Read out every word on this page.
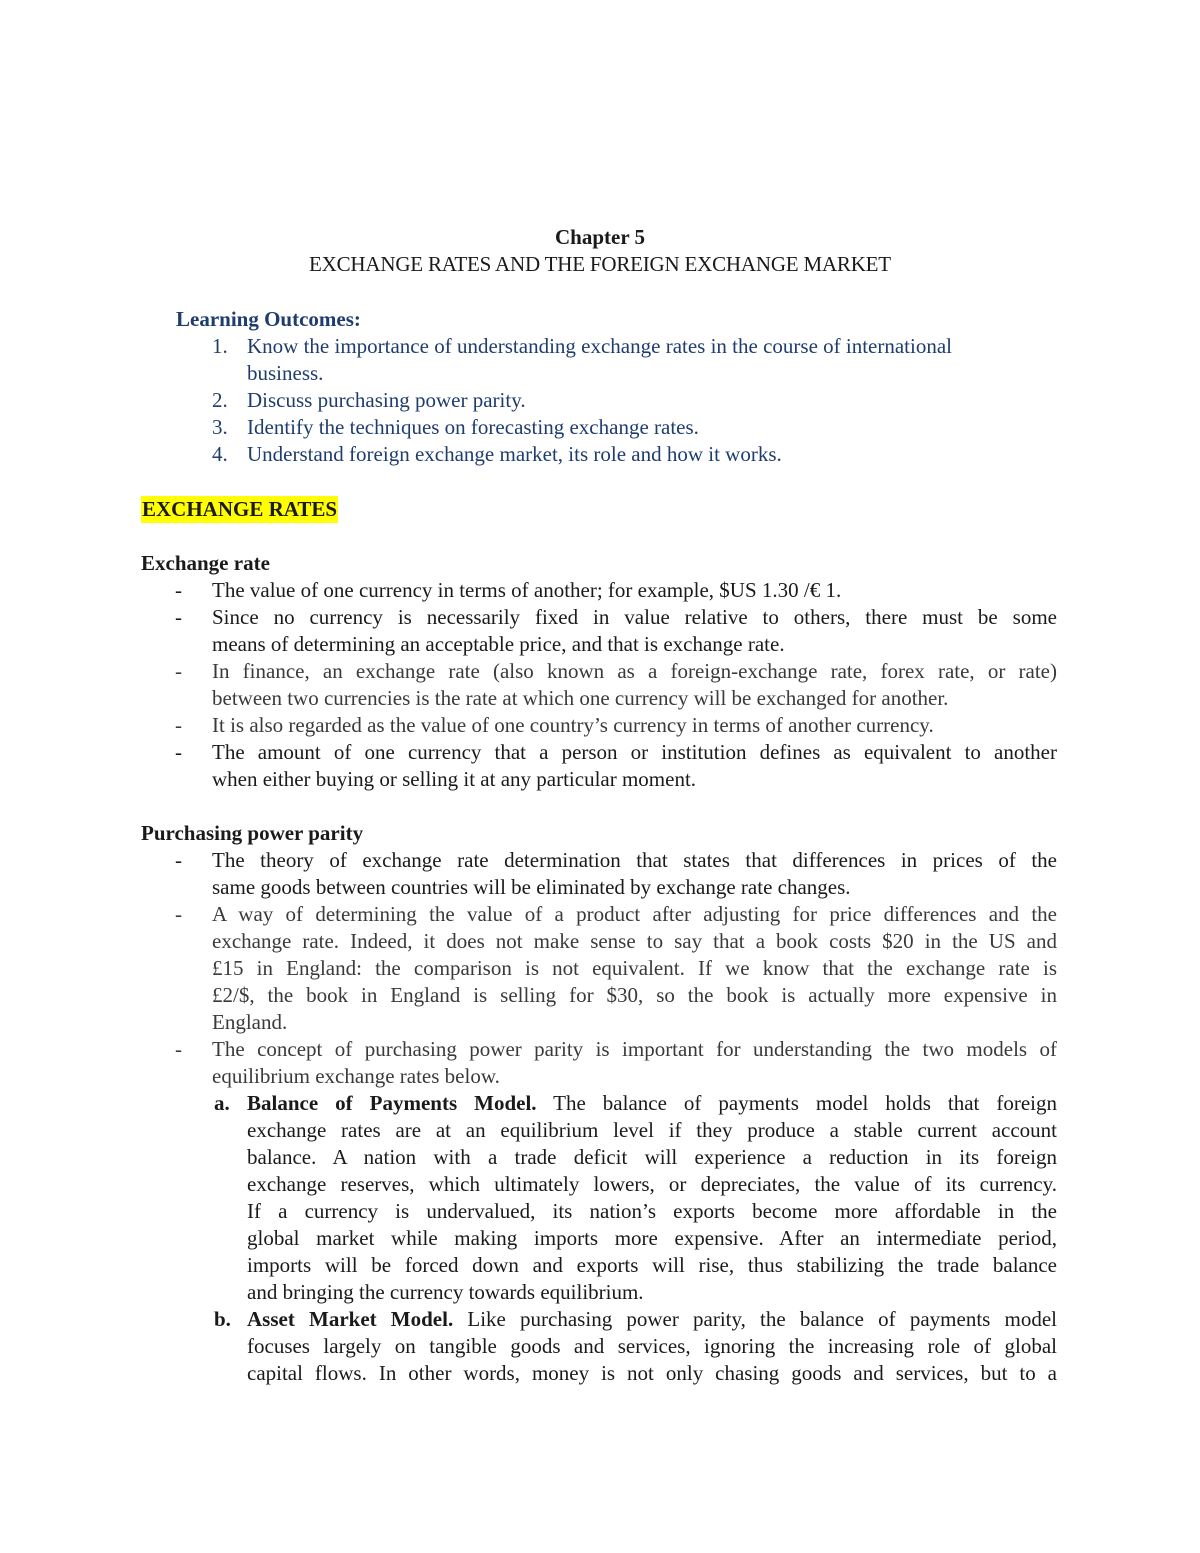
Chapter 5
EXCHANGE RATES AND THE FOREIGN EXCHANGE MARKET

Learning Outcomes:

1. Know the importance of understanding exchange rates in the course of international
business.
2. Discuss purchasing power parity.
3. Identify the techniques on forecasting exchange rates.
4. Understand foreign exchange market, its role and how it works.
EXCHANGE RATES

Exchange rate

- The value of one currency in terms of another; for example, $US 1.30 /€ 1.
- Since no currency is necessarily fixed in value relative to others, there must be some
means of determining an acceptable price, and that is exchange rate.
- In finance, an exchange rate (also known as a foreign-exchange rate, forex rate, or rate)
between two currencies is the rate at which one currency will be exchanged for another.
- It is also regarded as the value of one country’s currency in terms of another currency.
- The amount of one currency that a person or institution defines as equivalent to another
when either buying or selling it at any particular moment.

Purchasing power parity

- The theory of exchange rate determination that states that differences in prices of the
same goods between countries will be eliminated by exchange rate changes.
- A way of determining the value of a product after adjusting for price differences and the
exchange rate. Indeed, it does not make sense to say that a book costs $20 in the US and
£15 in England: the comparison is not equivalent. If we know that the exchange rate is
£2/$, the book in England is selling for $30, so the book is actually more expensive in
England.
- The concept of purchasing power parity is important for understanding the two models of
equilibrium exchange rates below.
a. Balance of Payments Model. The balance of payments model holds that foreign
exchange rates are at an equilibrium level if they produce a stable current account
balance. A nation with a trade deficit will experience a reduction in its foreign
exchange reserves, which ultimately lowers, or depreciates, the value of its currency.
If a currency is undervalued, its nation’s exports become more affordable in the
global market while making imports more expensive. After an intermediate period,
imports will be forced down and exports will rise, thus stabilizing the trade balance
and bringing the currency towards equilibrium.
b. Asset Market Model. Like purchasing power parity, the balance of payments model
focuses largely on tangible goods and services, ignoring the increasing role of global
capital flows. In other words, money is not only chasing goods and services, but to a
